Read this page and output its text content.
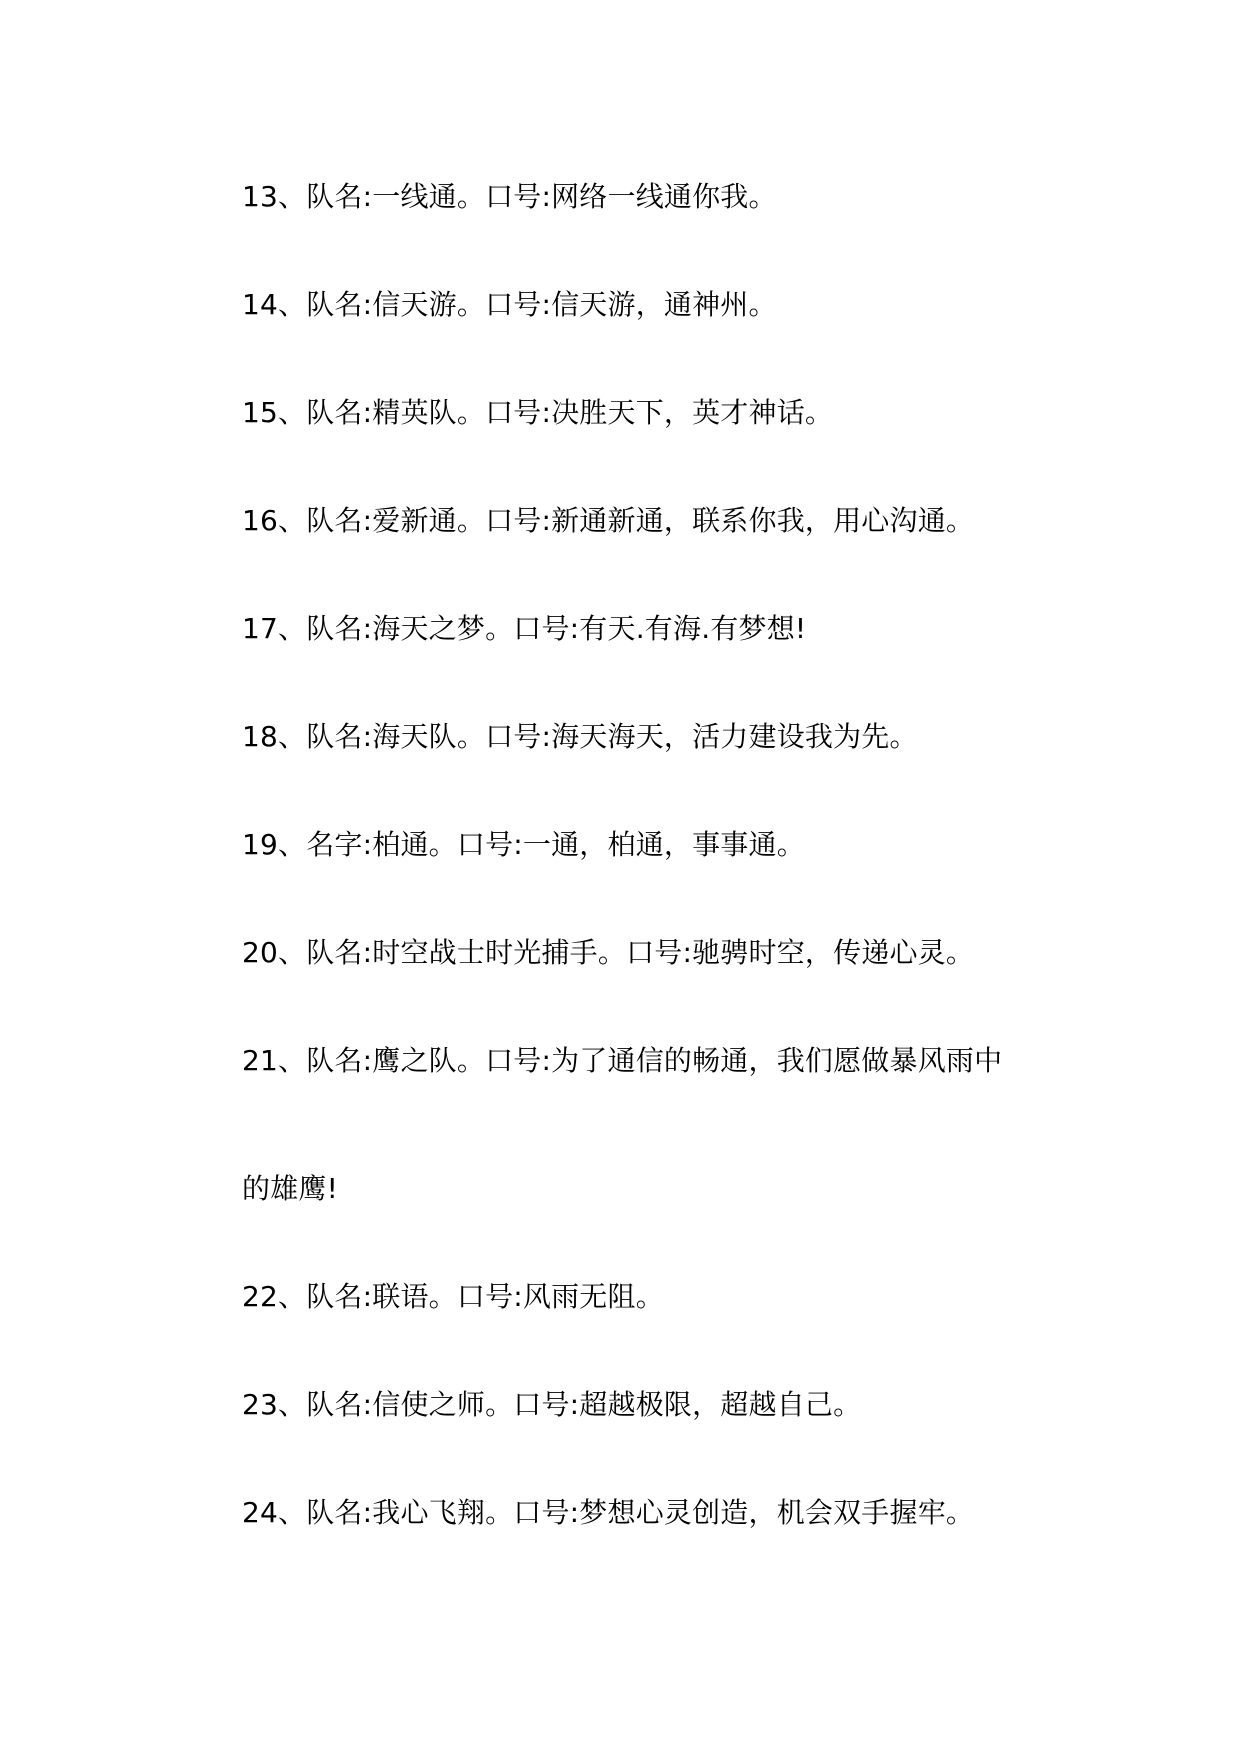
13、队名:一线通。口号:网络一线通你我。
14、队名:信天游。口号:信天游，通神州。
15、队名:精英队。口号:决胜天下，英才神话。
16、队名:爱新通。口号:新通新通，联系你我，用心沟通。
17、队名:海天之梦。口号:有天.有海.有梦想!
18、队名:海天队。口号:海天海天，活力建设我为先。
19、名字:柏通。口号:一通，柏通，事事通。
20、队名:时空战士时光捕手。口号:驰骋时空，传递心灵。
21、队名:鹰之队。口号:为了通信的畅通，我们愿做暴风雨中
的雄鹰!
22、队名:联语。口号:风雨无阻。
23、队名:信使之师。口号:超越极限，超越自己。
24、队名:我心飞翔。口号:梦想心灵创造，机会双手握牢。
